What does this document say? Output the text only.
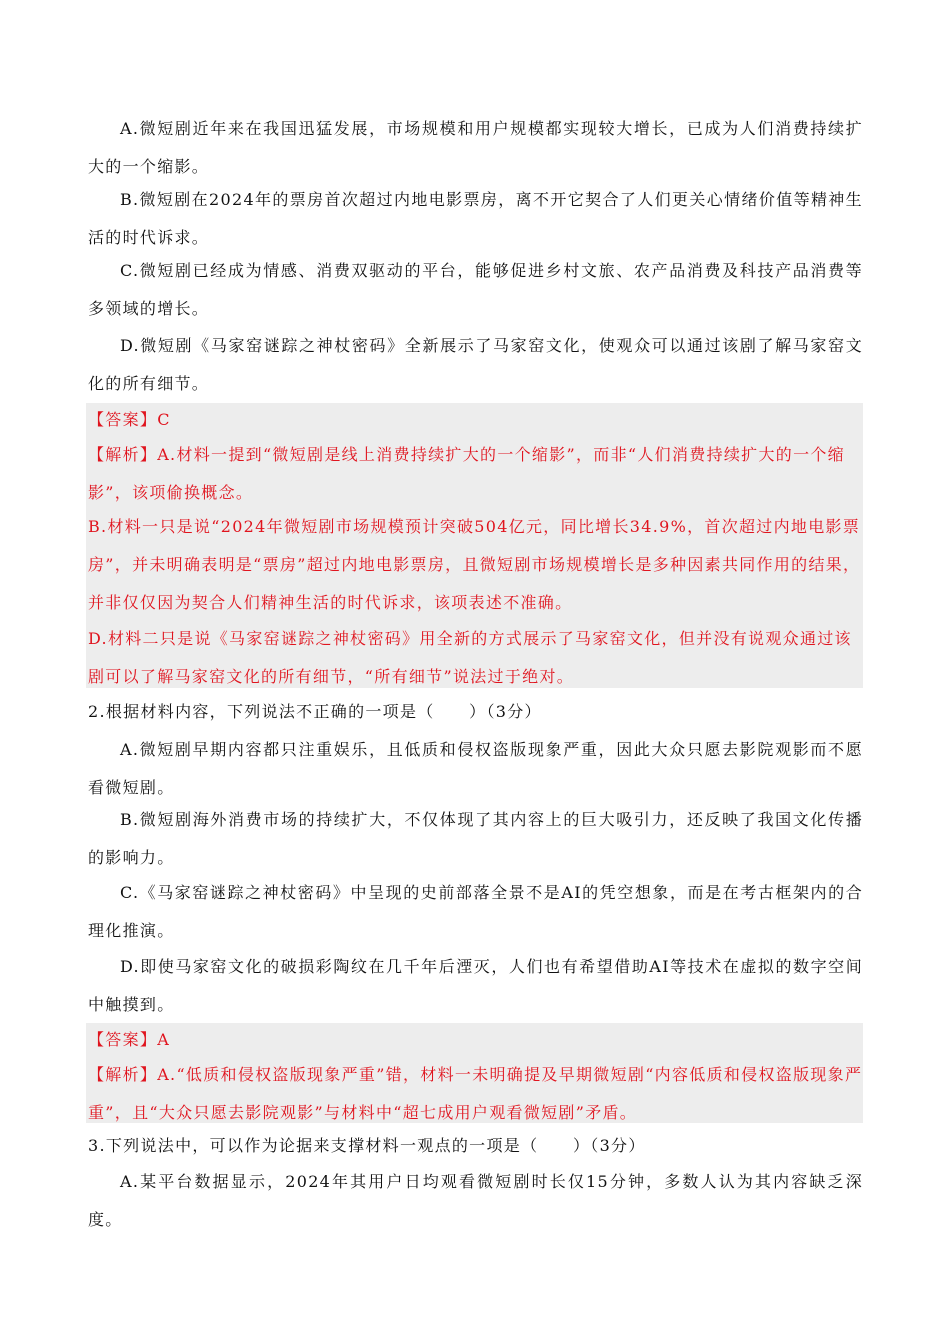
A.微短剧近年来在我国迅猛发展，市场规模和用户规模都实现较大增长，已成为人们消费持续扩大的一个缩影。

B.微短剧在2024年的票房首次超过内地电影票房，离不开它契合了人们更关心情绪价值等精神生活的时代诉求。

C.微短剧已经成为情感、消费双驱动的平台，能够促进乡村文旅、农产品消费及科技产品消费等多领域的增长。

D.微短剧《马家窑谜踪之神杖密码》全新展示了马家窑文化，使观众可以通过该剧了解马家窑文化的所有细节。

【答案】C

【解析】A.材料一提到“微短剧是线上消费持续扩大的一个缩影”，而非“人们消费持续扩大的一个缩影”，该项偷换概念。

B.材料一只是说“2024年微短剧市场规模预计突破504亿元，同比增长34.9%，首次超过内地电影票房”，并未明确表明是“票房”超过内地电影票房，且微短剧市场规模增长是多种因素共同作用的结果，并非仅仅因为契合人们精神生活的时代诉求，该项表述不准确。

D.材料二只是说《马家窑谜踪之神杖密码》用全新的方式展示了马家窑文化，但并没有说观众通过该剧可以了解马家窑文化的所有细节，“所有细节”说法过于绝对。

2.根据材料内容，下列说法不正确的一项是（　　）（3分）

A.微短剧早期内容都只注重娱乐，且低质和侵权盗版现象严重，因此大众只愿去影院观影而不愿看微短剧。

B.微短剧海外消费市场的持续扩大，不仅体现了其内容上的巨大吸引力，还反映了我国文化传播的影响力。

C.《马家窑谜踪之神杖密码》中呈现的史前部落全景不是AI的凭空想象，而是在考古框架内的合理化推演。

D.即使马家窑文化的破损彩陶纹在几千年后湮灭，人们也有希望借助AI等技术在虚拟的数字空间中触摸到。

【答案】A

【解析】A.“低质和侵权盗版现象严重”错，材料一未明确提及早期微短剧“内容低质和侵权盗版现象严重”，且“大众只愿去影院观影”与材料中“超七成用户观看微短剧”矛盾。

3.下列说法中，可以作为论据来支撑材料一观点的一项是（　　）（3分）

A.某平台数据显示，2024年其用户日均观看微短剧时长仅15分钟，多数人认为其内容缺乏深度。
